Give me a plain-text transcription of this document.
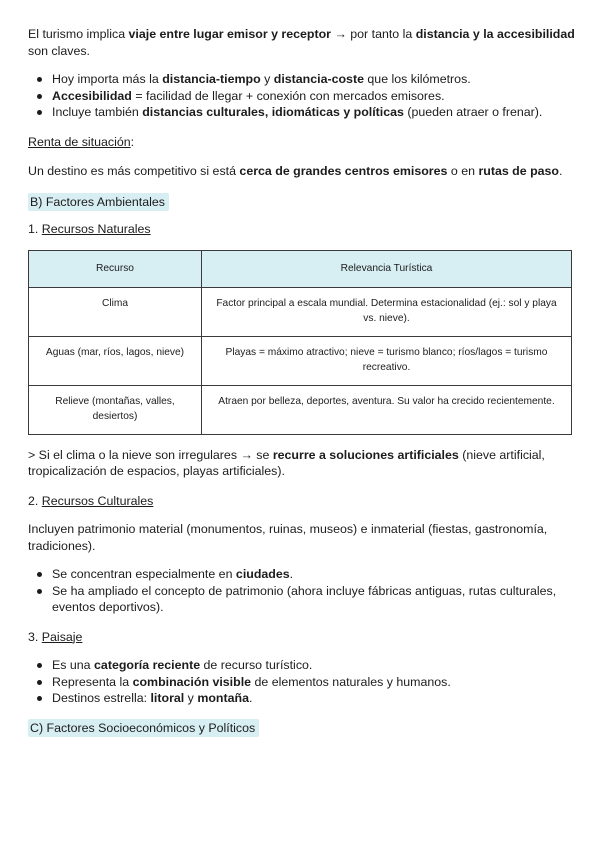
El turismo implica viaje entre lugar emisor y receptor → por tanto la distancia y la accesibilidad son claves.

Hoy importa más la distancia-tiempo y distancia-coste que los kilómetros.
Accesibilidad = facilidad de llegar + conexión con mercados emisores.
Incluye también distancias culturales, idiomáticas y políticas (pueden atraer o frenar).

Renta de situación:

Un destino es más competitivo si está cerca de grandes centros emisores o en rutas de paso.

B) Factores Ambientales

1. Recursos Naturales

Recurso	Relevancia Turística
Clima	Factor principal a escala mundial. Determina estacionalidad (ej.: sol y playa vs. nieve).
Aguas (mar, ríos, lagos, nieve)	Playas = máximo atractivo; nieve = turismo blanco; ríos/lagos = turismo recreativo.
Relieve (montañas, valles, desiertos)	Atraen por belleza, deportes, aventura. Su valor ha crecido recientemente.

> Si el clima o la nieve son irregulares → se recurre a soluciones artificiales (nieve artificial, tropicalización de espacios, playas artificiales).

2. Recursos Culturales

Incluyen patrimonio material (monumentos, ruinas, museos) e inmaterial (fiestas, gastronomía, tradiciones).

Se concentran especialmente en ciudades.
Se ha ampliado el concepto de patrimonio (ahora incluye fábricas antiguas, rutas culturales, eventos deportivos).

3. Paisaje

Es una categoría reciente de recurso turístico.
Representa la combinación visible de elementos naturales y humanos.
Destinos estrella: litoral y montaña.

C) Factores Socioeconómicos y Políticos
